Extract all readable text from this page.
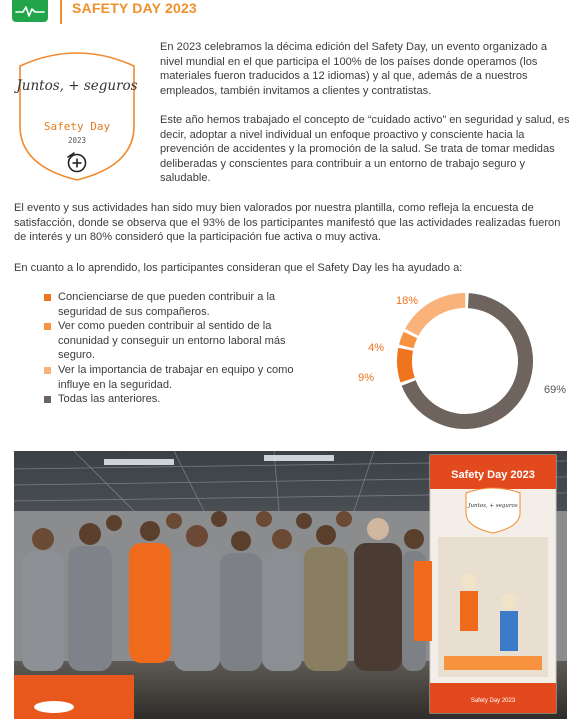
SAFETY DAY 2023
Juntos, + seguros
Safety Day
2023

En 2023 celebramos la décima edición del Safety Day, un evento organizado a nivel mundial en el que participa el 100% de los países donde operamos (los materiales fueron traducidos a 12 idiomas) y al que, además de a nuestros empleados, también invitamos a clientes y contratistas.

Este año hemos trabajado el concepto de “cuidado activo” en seguridad y salud, es decir, adoptar a nivel individual un enfoque proactivo y consciente hacia la prevención de accidentes y la promoción de la salud. Se trata de tomar medidas deliberadas y conscientes para contribuir a un entorno de trabajo seguro y saludable.

El evento y sus actividades han sido muy bien valorados por nuestra plantilla, como refleja la encuesta de satisfacción, donde se observa que el 93% de los participantes manifestó que las actividades realizadas fueron de interés y un 80% consideró que la participación fue activa o muy activa.

En cuanto a lo aprendido, los participantes consideran que el Safety Day les ha ayudado a:

Concienciarse de que pueden contribuir a la seguridad de sus compañeros.
Ver como pueden contribuir al sentido de la conunidad y conseguir un entorno laboral más seguro.
Ver la importancia de trabajar en equipo y como influye en la seguridad.
Todas las anteriores.
9%
4%
18%
69%
Safety Day 2023
Juntos, + seguros
Safety Day 2023
